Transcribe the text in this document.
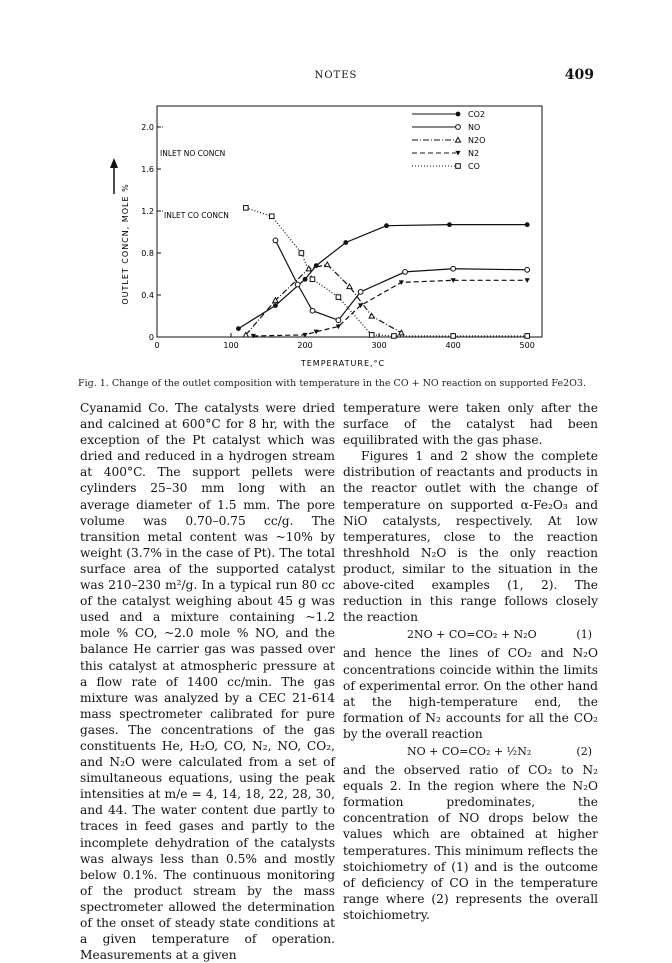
NOTES	409
0	100	200	300	400	500
0
0.4
0.8
1.2
1.6
2.0
CO2
NO
N2O
N2
CO
INLET NO CONCN
INLET CO CONCN
TEMPERATURE,°C
OUTLET CONCN, MOLE %
Fig. 1. Change of the outlet composition with temperature in the CO + NO reaction on supported Fe2O3.

Cyanamid Co. The catalysts were dried and calcined at 600°C for 8 hr, with the exception of the Pt catalyst which was dried and reduced in a hydrogen stream at 400°C. The support pellets were cylinders 25–30 mm long with an average diameter of 1.5 mm. The pore volume was 0.70–0.75 cc/g. The transition metal content was ~10% by weight (3.7% in the case of Pt). The total surface area of the supported catalyst was 210–230 m²/g. In a typical run 80 cc of the catalyst weighing about 45 g was used and a mixture containing ~1.2 mole % CO, ~2.0 mole % NO, and the balance He carrier gas was passed over this catalyst at atmospheric pressure at a flow rate of 1400 cc/min. The gas mixture was analyzed by a CEC 21-614 mass spectrometer calibrated for pure gases. The concentrations of the gas constituents He, H₂O, CO, N₂, NO, CO₂, and N₂O were calculated from a set of simultaneous equations, using the peak intensities at m/e = 4, 14, 18, 22, 28, 30, and 44. The water content due partly to traces in feed gases and partly to the incomplete dehydration of the catalysts was always less than 0.5% and mostly below 0.1%. The continuous monitoring of the product stream by the mass spectrometer allowed the determination of the onset of steady state conditions at a given temperature of operation. Measurements at a given

temperature were taken only after the surface of the catalyst had been equilibrated with the gas phase.

Figures 1 and 2 show the complete distribution of reactants and products in the reactor outlet with the change of temperature on supported α-Fe₂O₃ and NiO catalysts, respectively. At low temperatures, close to the reaction threshhold N₂O is the only reaction product, similar to the situation in the above-cited examples (1, 2). The reduction in this range follows closely the reaction

2NO + CO=CO₂ + N₂O	(1)

and hence the lines of CO₂ and N₂O concentrations coincide within the limits of experimental error. On the other hand at the high-temperature end, the formation of N₂ accounts for all the CO₂ by the overall reaction

NO + CO=CO₂ + ½N₂	(2)

and the observed ratio of CO₂ to N₂ equals 2. In the region where the N₂O formation predominates, the concentration of NO drops below the values which are obtained at higher temperatures. This minimum reflects the stoichiometry of (1) and is the outcome of deficiency of CO in the temperature range where (2) represents the overall stoichiometry.
